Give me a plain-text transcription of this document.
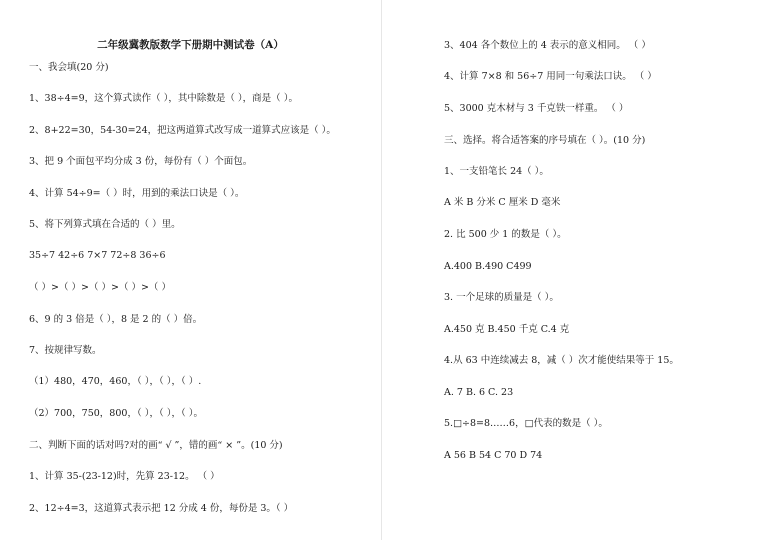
二年级冀教版数学下册期中测试卷（A）
一、我会填(20 分)
1、38÷4=9，这个算式读作（ ），其中除数是（ ），商是（ ）。
2、8+22=30，54-30=24，把这两道算式改写成一道算式应该是（ ）。
3、把 9 个面包平均分成 3 份，每份有（ ）个面包。
4、计算 54÷9=（ ）时，用到的乘法口诀是（ ）。
5、将下列算式填在合适的（ ）里。
35÷7 42÷6 7×7 72÷8 36÷6
（ ）>（ ）>（ ）>（ ）>（ ）
6、9 的 3 倍是（ ），8 是 2 的（ ）倍。
7、按规律写数。
（1）480，470，460，（ ），（ ），（ ）.
（2）700，750，800，（ ），（ ），（ ）。
二、判断下面的话对吗?对的画“ √ ”，错的画“ × ”。(10 分)
1、计算 35-(23-12)时，先算 23-12。 （ ）
2、12÷4=3，这道算式表示把 12 分成 4 份，每份是 3。（ ）
3、404 各个数位上的 4 表示的意义相同。 （ ）
4、计算 7×8 和 56÷7 用同一句乘法口诀。 （ ）
5、3000 克木材与 3 千克铁一样重。 （ ）
三、选择。将合适答案的序号填在（ ）。(10 分)
1、一支铅笔长 24（ ）。
A 米 B 分米 C 厘米 D 毫米
2. 比 500 少 1 的数是（ ）。
A.400 B.490 C499
3. 一个足球的质量是（ ）。
A.450 克 B.450 千克 C.4 克
4.从 63 中连续减去 8，减（ ）次才能使结果等于 15。
A. 7 B. 6 C. 23
5.□÷8=8……6，□代表的数是（ ）。
A 56 B 54 C 70 D 74
